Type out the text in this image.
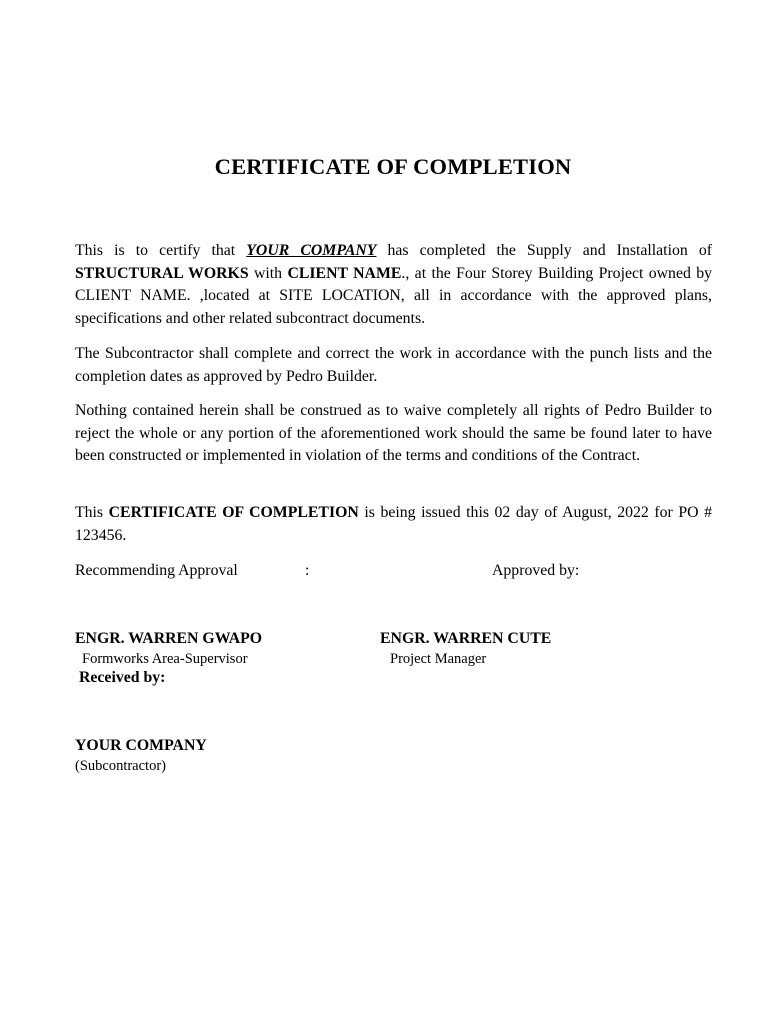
CERTIFICATE OF COMPLETION

This is to certify that YOUR COMPANY has completed the Supply and Installation of STRUCTURAL WORKS with CLIENT NAME., at the Four Storey Building Project owned by CLIENT NAME. ,located at SITE LOCATION, all in accordance with the approved plans, specifications and other related subcontract documents.

The Subcontractor shall complete and correct the work in accordance with the punch lists and the completion dates as approved by Pedro Builder.

Nothing contained herein shall be construed as to waive completely all rights of Pedro Builder to reject the whole or any portion of the aforementioned work should the same be found later to have been constructed or implemented in violation of the terms and conditions of the Contract.

This CERTIFICATE OF COMPLETION is being issued this 02 day of August, 2022 for PO # 123456.

Recommending Approval	:	Approved by:
ENGR. WARREN GWAPO
Formworks Area-Supervisor
ENGR. WARREN CUTE
Project Manager
Received by:
YOUR COMPANY
(Subcontractor)
